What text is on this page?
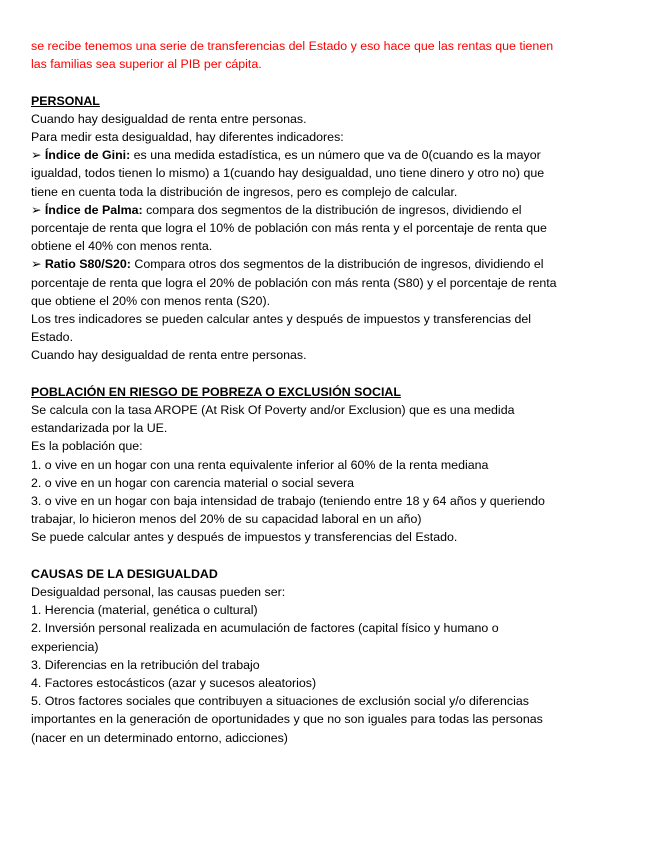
se recibe tenemos una serie de transferencias del Estado y eso hace que las rentas que tienen
las familias sea superior al PIB per cápita.
PERSONAL
Cuando hay desigualdad de renta entre personas.
Para medir esta desigualdad, hay diferentes indicadores:
➢ Índice de Gini: es una medida estadística, es un número que va de 0(cuando es la mayor
igualdad, todos tienen lo mismo) a 1(cuando hay desigualdad, uno tiene dinero y otro no) que
tiene en cuenta toda la distribución de ingresos, pero es complejo de calcular.
➢ Índice de Palma: compara dos segmentos de la distribución de ingresos, dividiendo el
porcentaje de renta que logra el 10% de población con más renta y el porcentaje de renta que
obtiene el 40% con menos renta.
➢ Ratio S80/S20: Compara otros dos segmentos de la distribución de ingresos, dividiendo el
porcentaje de renta que logra el 20% de población con más renta (S80) y el porcentaje de renta
que obtiene el 20% con menos renta (S20).
Los tres indicadores se pueden calcular antes y después de impuestos y transferencias del
Estado.
Cuando hay desigualdad de renta entre personas.
POBLACIÓN EN RIESGO DE POBREZA O EXCLUSIÓN SOCIAL
Se calcula con la tasa AROPE (At Risk Of Poverty and/or Exclusion) que es una medida
estandarizada por la UE.
Es la población que:
1. o vive en un hogar con una renta equivalente inferior al 60% de la renta mediana
2. o vive en un hogar con carencia material o social severa
3. o vive en un hogar con baja intensidad de trabajo (teniendo entre 18 y 64 años y queriendo
trabajar, lo hicieron menos del 20% de su capacidad laboral en un año)
Se puede calcular antes y después de impuestos y transferencias del Estado.
CAUSAS DE LA DESIGUALDAD
Desigualdad personal, las causas pueden ser:
1. Herencia (material, genética o cultural)
2. Inversión personal realizada en acumulación de factores (capital físico y humano o
experiencia)
3. Diferencias en la retribución del trabajo
4. Factores estocásticos (azar y sucesos aleatorios)
5. Otros factores sociales que contribuyen a situaciones de exclusión social y/o diferencias
importantes en la generación de oportunidades y que no son iguales para todas las personas
(nacer en un determinado entorno, adicciones)
